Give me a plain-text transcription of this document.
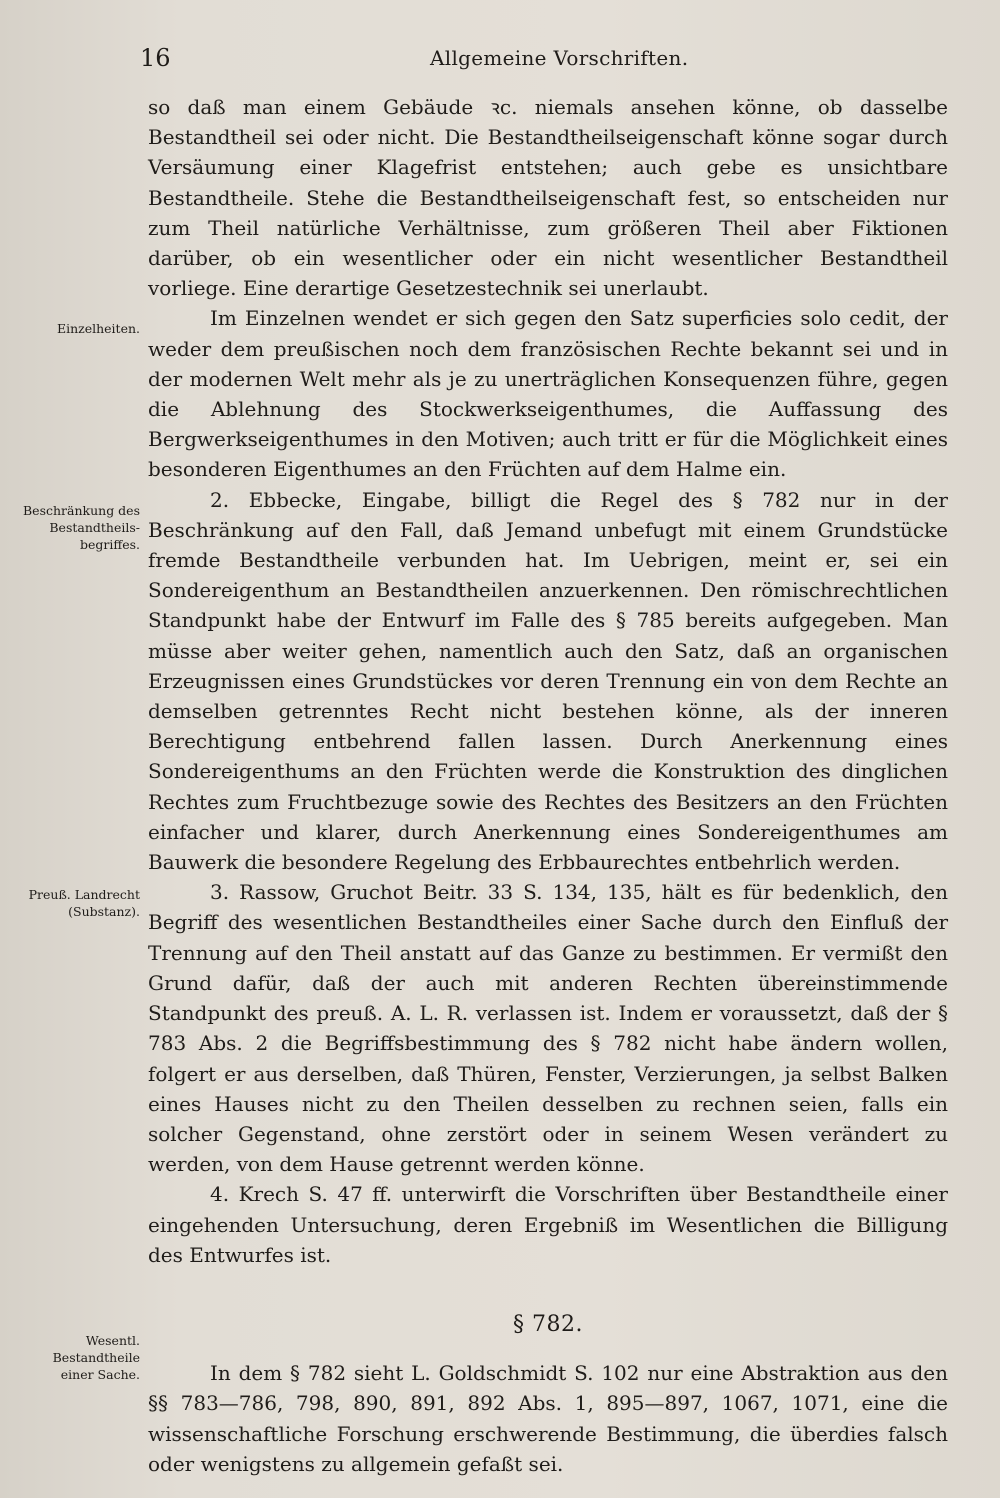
16	Allgemeine Vorschriften.
Einzelheiten.
Beschränkung des Bestandtheils-begriffes.
Preuß. Landrecht (Substanz).
Wesentl. Bestandtheile einer Sache.

so daß man einem Gebäude ꝛc. niemals ansehen könne, ob dasselbe Bestandtheil sei oder nicht. Die Bestandtheilseigenschaft könne sogar durch Versäumung einer Klagefrist entstehen; auch gebe es unsichtbare Bestandtheile. Stehe die Bestandtheilseigenschaft fest, so entscheiden nur zum Theil natürliche Verhältnisse, zum größeren Theil aber Fiktionen darüber, ob ein wesentlicher oder ein nicht wesentlicher Bestandtheil vorliege. Eine derartige Gesetzestechnik sei unerlaubt.

Im Einzelnen wendet er sich gegen den Satz superficies solo cedit, der weder dem preußischen noch dem französischen Rechte bekannt sei und in der modernen Welt mehr als je zu unerträglichen Konsequenzen führe, gegen die Ablehnung des Stockwerkseigenthumes, die Auffassung des Bergwerkseigenthumes in den Motiven; auch tritt er für die Möglichkeit eines besonderen Eigenthumes an den Früchten auf dem Halme ein.

2. Ebbecke, Eingabe, billigt die Regel des § 782 nur in der Beschränkung auf den Fall, daß Jemand unbefugt mit einem Grundstücke fremde Bestandtheile verbunden hat. Im Uebrigen, meint er, sei ein Sondereigenthum an Bestandtheilen anzuerkennen. Den römischrechtlichen Standpunkt habe der Entwurf im Falle des § 785 bereits aufgegeben. Man müsse aber weiter gehen, namentlich auch den Satz, daß an organischen Erzeugnissen eines Grundstückes vor deren Trennung ein von dem Rechte an demselben getrenntes Recht nicht bestehen könne, als der inneren Berechtigung entbehrend fallen lassen. Durch Anerkennung eines Sondereigenthums an den Früchten werde die Konstruktion des dinglichen Rechtes zum Fruchtbezuge sowie des Rechtes des Besitzers an den Früchten einfacher und klarer, durch Anerkennung eines Sondereigenthumes am Bauwerk die besondere Regelung des Erbbaurechtes entbehrlich werden.

3. Rassow, Gruchot Beitr. 33 S. 134, 135, hält es für bedenklich, den Begriff des wesentlichen Bestandtheiles einer Sache durch den Einfluß der Trennung auf den Theil anstatt auf das Ganze zu bestimmen. Er vermißt den Grund dafür, daß der auch mit anderen Rechten übereinstimmende Standpunkt des preuß. A. L. R. verlassen ist. Indem er voraussetzt, daß der § 783 Abs. 2 die Begriffsbestimmung des § 782 nicht habe ändern wollen, folgert er aus derselben, daß Thüren, Fenster, Verzierungen, ja selbst Balken eines Hauses nicht zu den Theilen desselben zu rechnen seien, falls ein solcher Gegenstand, ohne zerstört oder in seinem Wesen verändert zu werden, von dem Hause getrennt werden könne.

4. Krech S. 47 ff. unterwirft die Vorschriften über Bestandtheile einer eingehenden Untersuchung, deren Ergebniß im Wesentlichen die Billigung des Entwurfes ist.

§ 782.

In dem § 782 sieht L. Goldschmidt S. 102 nur eine Abstraktion aus den §§ 783—786, 798, 890, 891, 892 Abs. 1, 895—897, 1067, 1071, eine die wissenschaftliche Forschung erschwerende Bestimmung, die überdies falsch oder wenigstens zu allgemein gefaßt sei.
